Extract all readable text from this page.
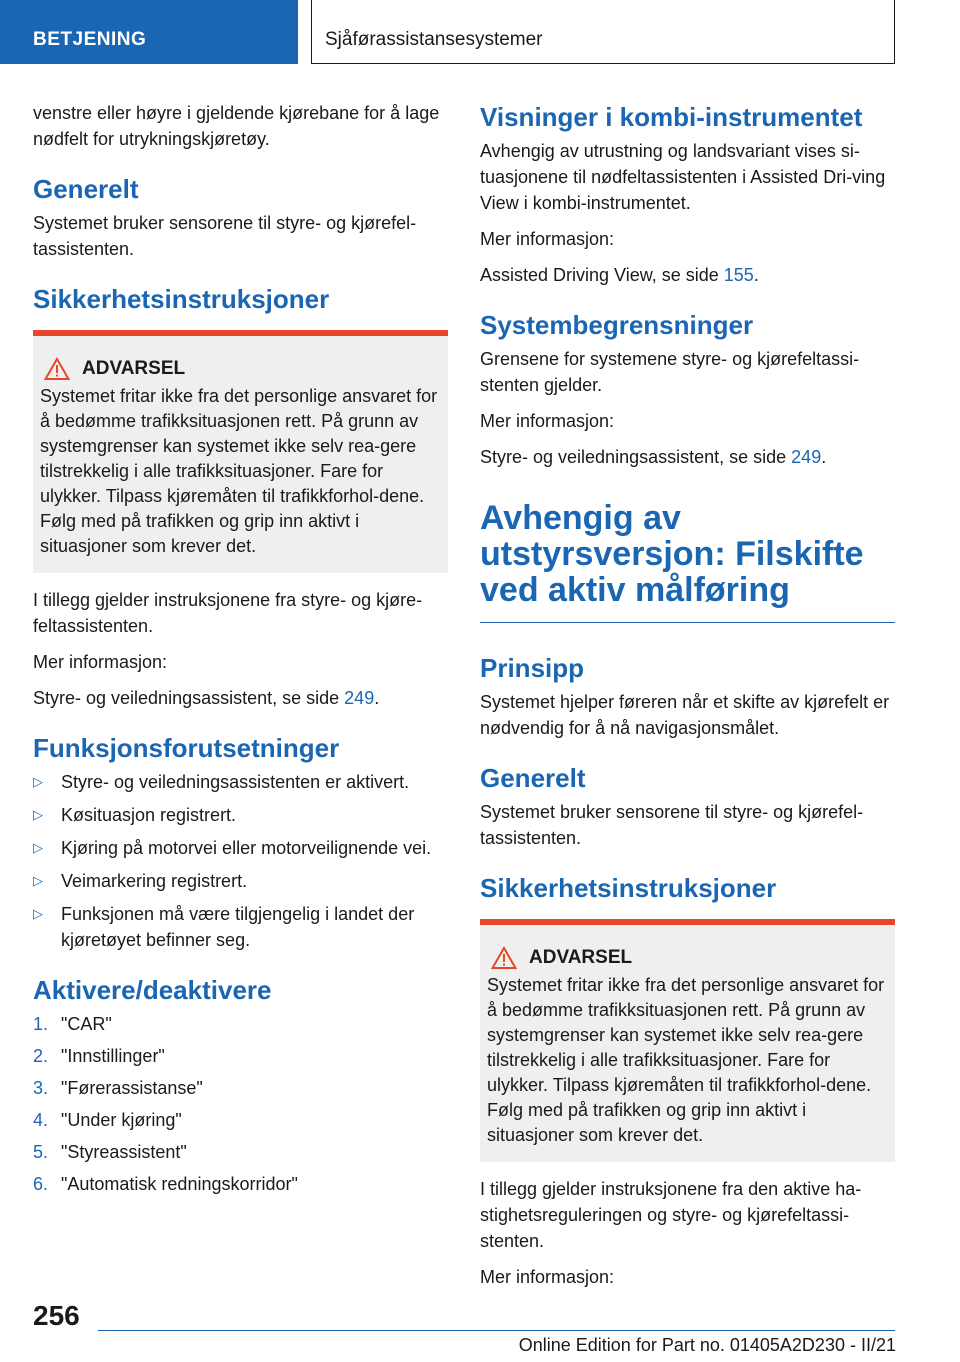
BETJENING	Sjåførassistansesystemer

venstre eller høyre i gjeldende kjørebane for å lage nødfelt for utrykningskjøretøy.

Generelt

Systemet bruker sensorene til styre- og kjørefel-tassistenten.

Sikkerhetsinstruksjoner
ADVARSEL

Systemet fritar ikke fra det personlige ansvaret for å bedømme trafikksituasjonen rett. På grunn av systemgrenser kan systemet ikke selv rea-gere tilstrekkelig i alle trafikksituasjoner. Fare for ulykker. Tilpass kjøremåten til trafikkforhol-dene. Følg med på trafikken og grip inn aktivt i situasjoner som krever det.

I tillegg gjelder instruksjonene fra styre- og kjøre-feltassistenten.

Mer informasjon:

Styre- og veiledningsassistent, se side 249.

Funksjonsforutsetninger
▷ Styre- og veiledningsassistenten er aktivert.
▷ Køsituasjon registrert.
▷ Kjøring på motorvei eller motorveilignende vei.
▷ Veimarkering registrert.
▷ Funksjonen må være tilgjengelig i landet der kjøretøyet befinner seg.
Aktivere/deaktivere
1. "CAR"
2. "Innstillinger"
3. "Førerassistanse"
4. "Under kjøring"
5. "Styreassistent"
6. "Automatisk redningskorridor"
Visninger i kombi-instrumentet

Avhengig av utrustning og landsvariant vises si-tuasjonene til nødfeltassistenten i Assisted Dri-ving View i kombi-instrumentet.

Mer informasjon:

Assisted Driving View, se side 155.

Systembegrensninger

Grensene for systemene styre- og kjørefeltassi-stenten gjelder.

Mer informasjon:

Styre- og veiledningsassistent, se side 249.

Avhengig av utstyrsversjon: Filskifte ved aktiv målføring
Prinsipp

Systemet hjelper føreren når et skifte av kjørefelt er nødvendig for å nå navigasjonsmålet.

Generelt

Systemet bruker sensorene til styre- og kjørefel-tassistenten.

Sikkerhetsinstruksjoner
ADVARSEL

Systemet fritar ikke fra det personlige ansvaret for å bedømme trafikksituasjonen rett. På grunn av systemgrenser kan systemet ikke selv rea-gere tilstrekkelig i alle trafikksituasjoner. Fare for ulykker. Tilpass kjøremåten til trafikkforhol-dene. Følg med på trafikken og grip inn aktivt i situasjoner som krever det.

I tillegg gjelder instruksjonene fra den aktive ha-stighetsreguleringen og styre- og kjørefeltassi-stenten.

Mer informasjon:

256
Online Edition for Part no. 01405A2D230 - II/21
